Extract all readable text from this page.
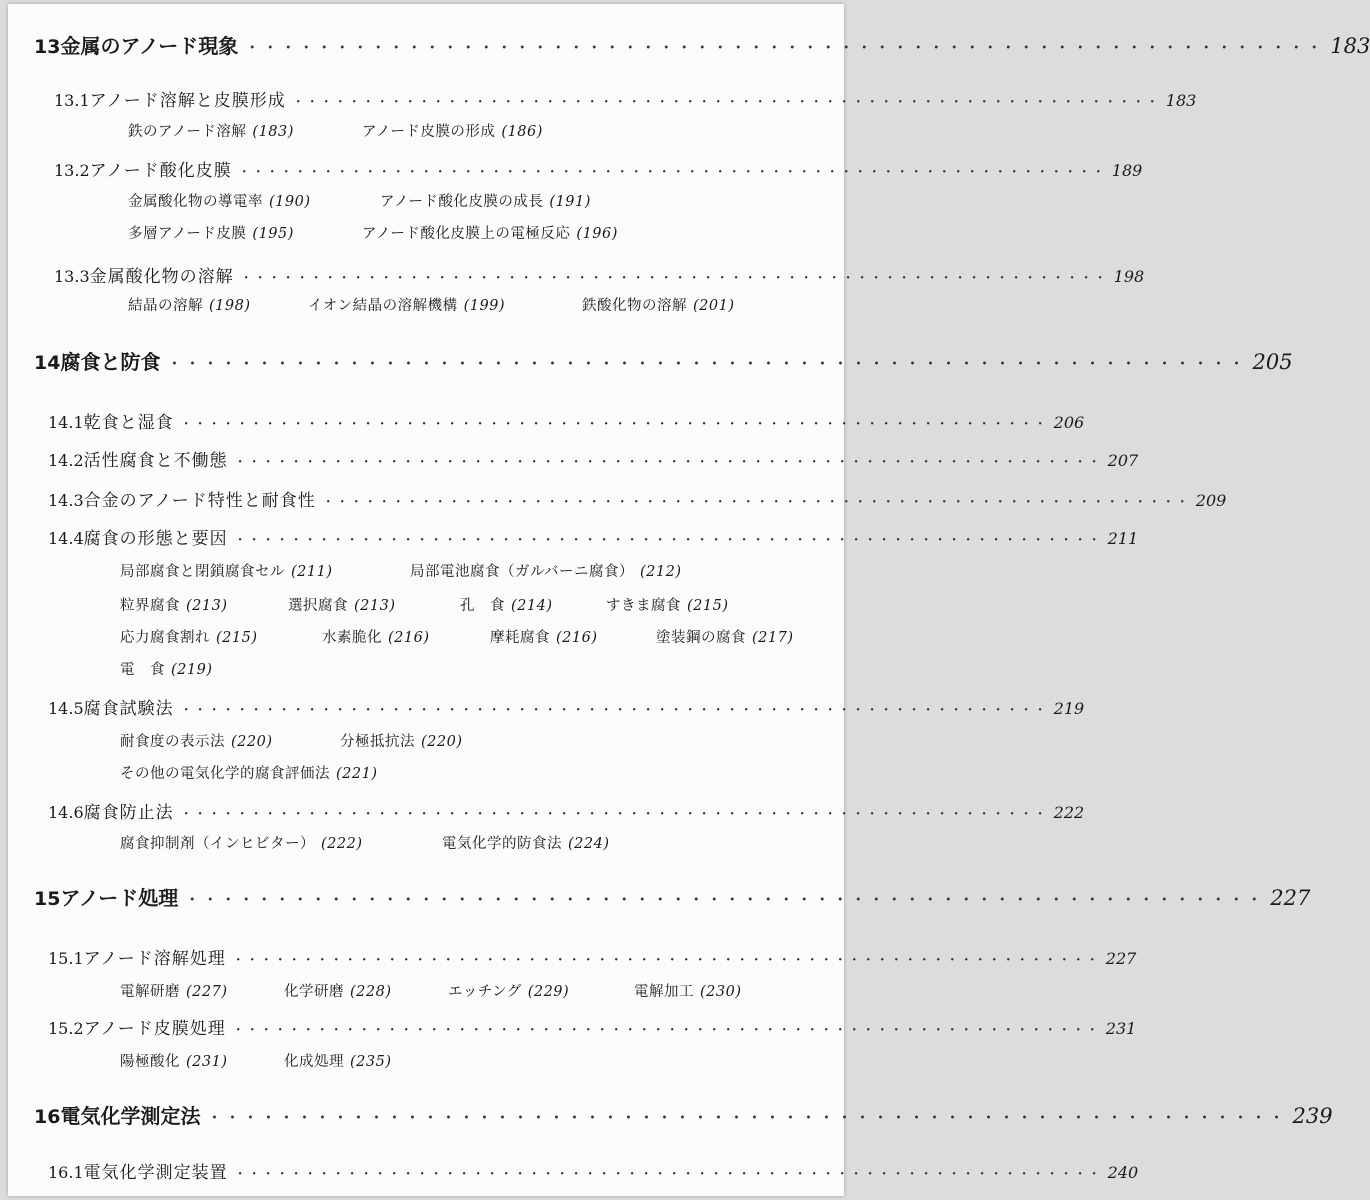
13 金属のアノード現象 ・・・・・・・・・・・・・・・・・・・・・・・・・・・・・・・・・・・・・・・・・・・・・・・・・・・・・・・・・・・・ 183
13.1 アノード溶解と皮膜形成 ・・・・・・・・・・・・・・・・・・・・・・・・・・・・・・・・・・・・・・・・・・・・・・・・・・・・・・・・・・・・・・ 183
鉄のアノード溶解 (183)	アノード皮膜の形成 (186)
13.2 アノード酸化皮膜 ・・・・・・・・・・・・・・・・・・・・・・・・・・・・・・・・・・・・・・・・・・・・・・・・・・・・・・・・・・・・・・ 189
金属酸化物の導電率 (190)	アノード酸化皮膜の成長 (191)
多層アノード皮膜 (195)	アノード酸化皮膜上の電極反応 (196)
13.3 金属酸化物の溶解 ・・・・・・・・・・・・・・・・・・・・・・・・・・・・・・・・・・・・・・・・・・・・・・・・・・・・・・・・・・・・・・ 198
結晶の溶解 (198)	イオン結晶の溶解機構 (199)	鉄酸化物の溶解 (201)
14 腐食と防食 ・・・・・・・・・・・・・・・・・・・・・・・・・・・・・・・・・・・・・・・・・・・・・・・・・・・・・・・・・・・・ 205
14.1 乾食と湿食 ・・・・・・・・・・・・・・・・・・・・・・・・・・・・・・・・・・・・・・・・・・・・・・・・・・・・・・・・・・・・・・ 206
14.2 活性腐食と不働態 ・・・・・・・・・・・・・・・・・・・・・・・・・・・・・・・・・・・・・・・・・・・・・・・・・・・・・・・・・・・・・・ 207
14.3 合金のアノード特性と耐食性 ・・・・・・・・・・・・・・・・・・・・・・・・・・・・・・・・・・・・・・・・・・・・・・・・・・・・・・・・・・・・・・ 209
14.4 腐食の形態と要因 ・・・・・・・・・・・・・・・・・・・・・・・・・・・・・・・・・・・・・・・・・・・・・・・・・・・・・・・・・・・・・・ 211
局部腐食と閉鎖腐食セル (211)	局部電池腐食（ガルバーニ腐食） (212)
粒界腐食 (213)	選択腐食 (213)	孔　食 (214)	すきま腐食 (215)
応力腐食割れ (215)	水素脆化 (216)	摩耗腐食 (216)	塗装鋼の腐食 (217)
電　食 (219)
14.5 腐食試験法 ・・・・・・・・・・・・・・・・・・・・・・・・・・・・・・・・・・・・・・・・・・・・・・・・・・・・・・・・・・・・・・ 219
耐食度の表示法 (220)	分極抵抗法 (220)
その他の電気化学的腐食評価法 (221)
14.6 腐食防止法 ・・・・・・・・・・・・・・・・・・・・・・・・・・・・・・・・・・・・・・・・・・・・・・・・・・・・・・・・・・・・・・ 222
腐食抑制剤（インヒビター） (222)	電気化学的防食法 (224)
15 アノード処理 ・・・・・・・・・・・・・・・・・・・・・・・・・・・・・・・・・・・・・・・・・・・・・・・・・・・・・・・・・・・・ 227
15.1 アノード溶解処理 ・・・・・・・・・・・・・・・・・・・・・・・・・・・・・・・・・・・・・・・・・・・・・・・・・・・・・・・・・・・・・・ 227
電解研磨 (227)	化学研磨 (228)	エッチング (229)	電解加工 (230)
15.2 アノード皮膜処理 ・・・・・・・・・・・・・・・・・・・・・・・・・・・・・・・・・・・・・・・・・・・・・・・・・・・・・・・・・・・・・・ 231
陽極酸化 (231)	化成処理 (235)
16 電気化学測定法 ・・・・・・・・・・・・・・・・・・・・・・・・・・・・・・・・・・・・・・・・・・・・・・・・・・・・・・・・・・・・ 239
16.1 電気化学測定装置 ・・・・・・・・・・・・・・・・・・・・・・・・・・・・・・・・・・・・・・・・・・・・・・・・・・・・・・・・・・・・・・ 240
